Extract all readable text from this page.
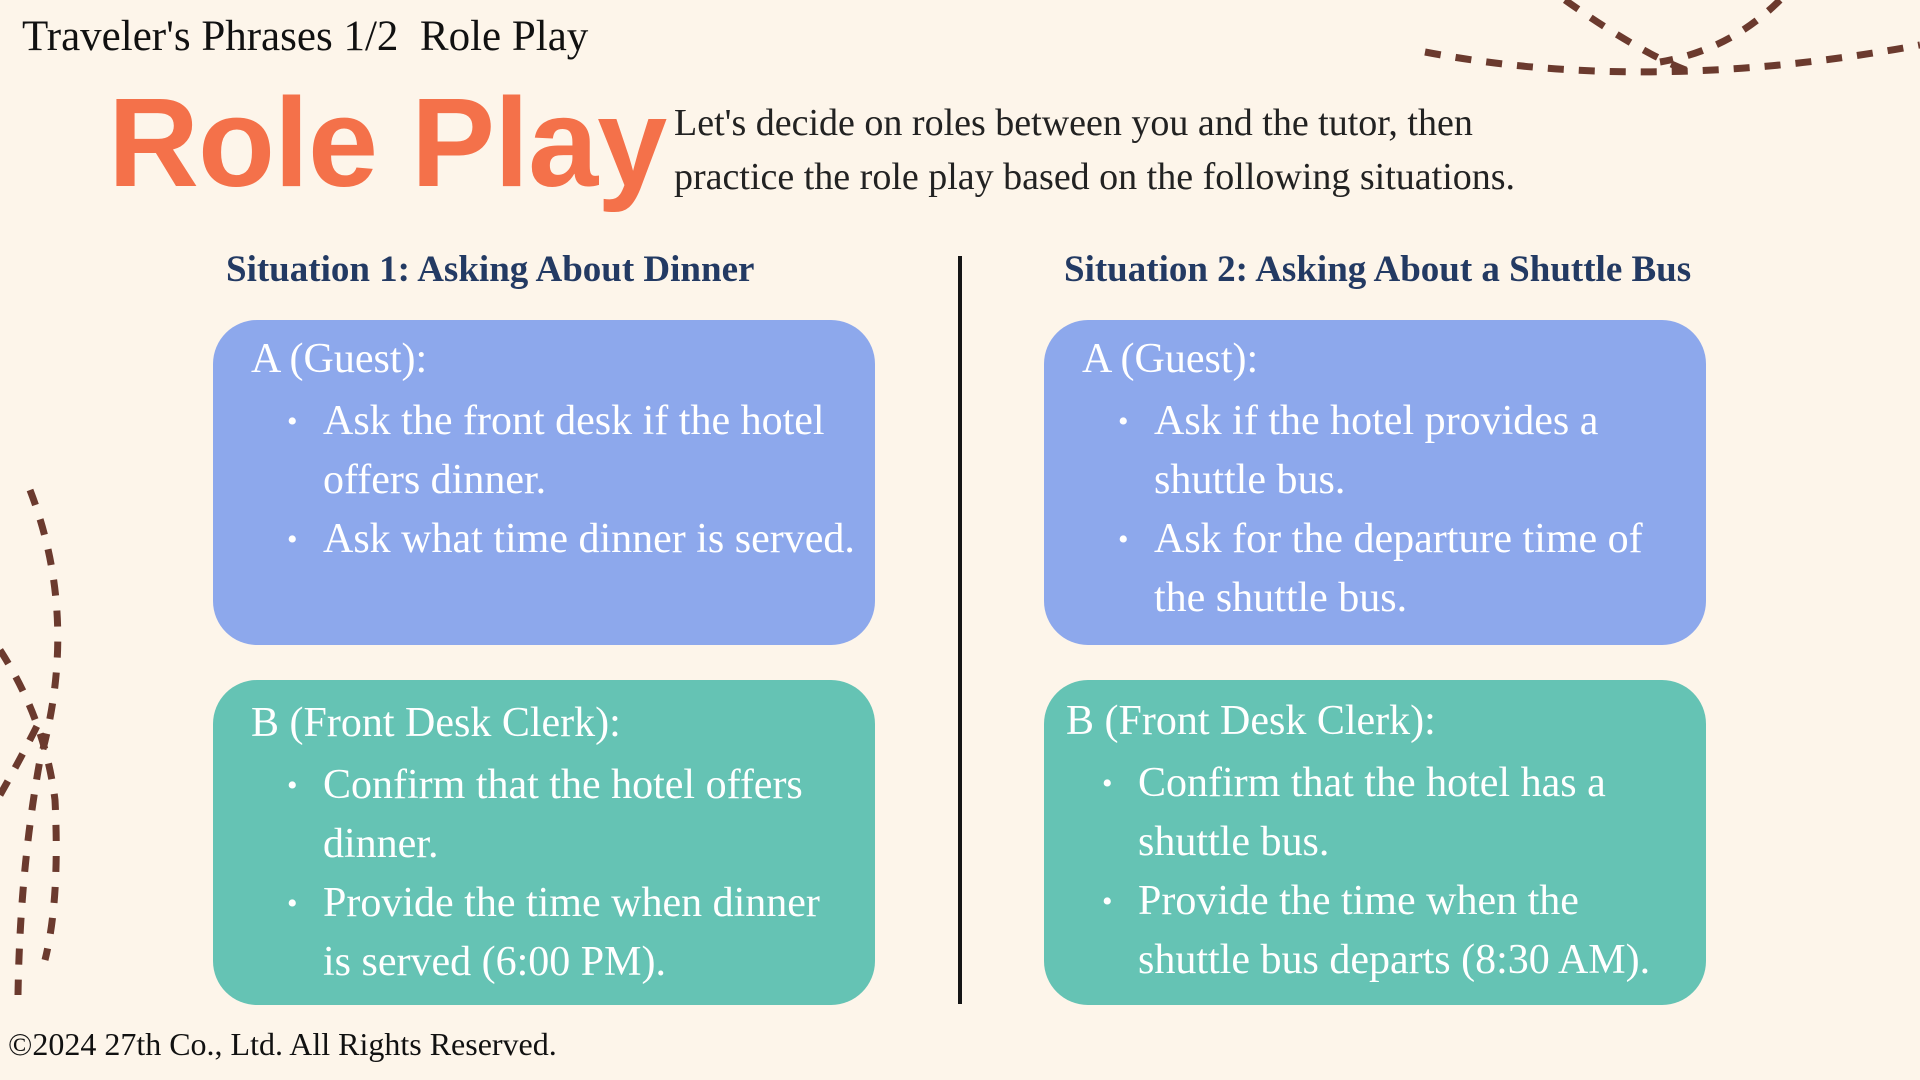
Traveler's Phrases 1/2  Role Play
Role Play Let's decide on roles between you and the tutor, then
practice the role play based on the following situations.
Situation 1: Asking About Dinner
A (Guest):
• Ask the front desk if the hotel offers dinner.
• Ask what time dinner is served.
B (Front Desk Clerk):
• Confirm that the hotel offers dinner.
• Provide the time when dinner is served (6:00 PM).
Situation 2: Asking About a Shuttle Bus
A (Guest):
• Ask if the hotel provides a shuttle bus.
• Ask for the departure time of the shuttle bus.
B (Front Desk Clerk):
• Confirm that the hotel has a shuttle bus.
• Provide the time when the shuttle bus departs (8:30 AM).
©2024 27th Co., Ltd. All Rights Reserved.
